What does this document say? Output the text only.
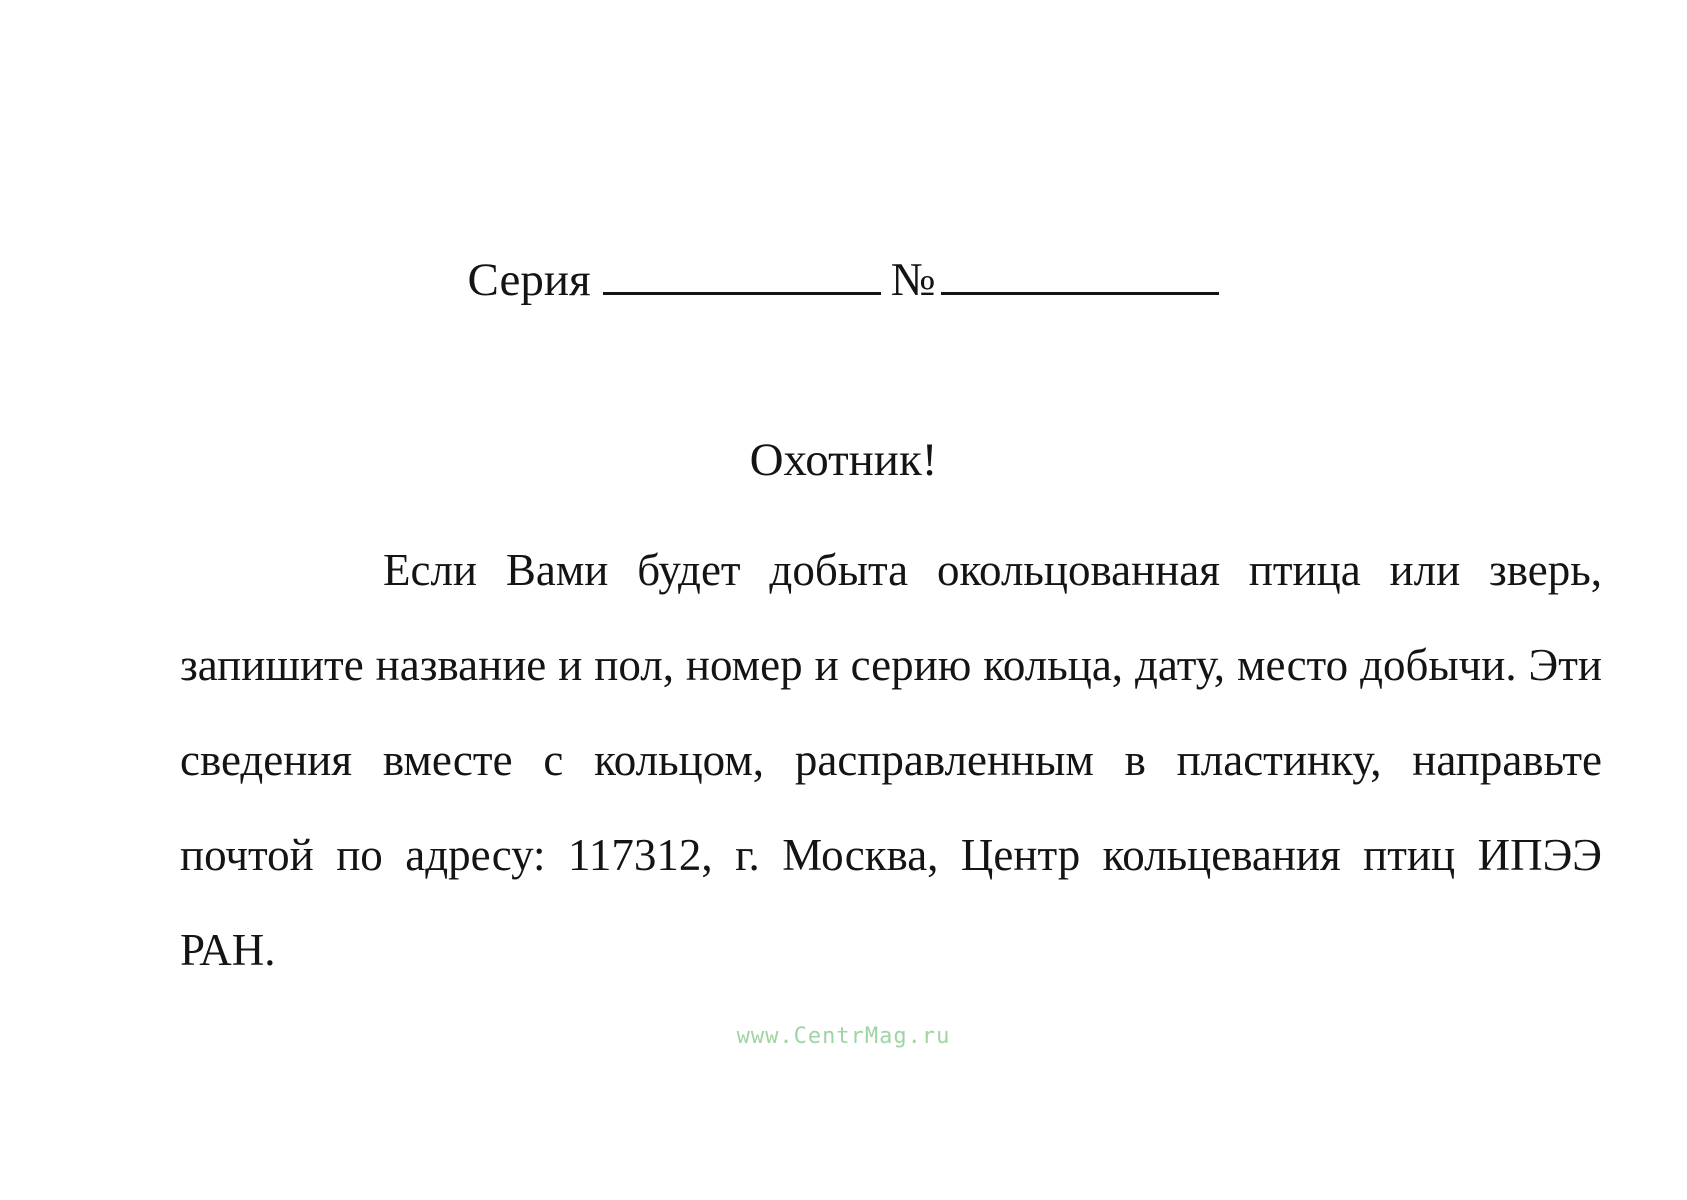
Серия	№
Охотник!

Если Вами будет добыта окольцованная птица или зверь, запишите название и пол, номер и серию кольца, дату, место добычи. Эти сведения вместе с кольцом, расправленным в пластинку, направьте почтой по адресу: 117312, г. Москва, Центр кольцевания птиц ИПЭЭ РАН.

www.CentrMag.ru
